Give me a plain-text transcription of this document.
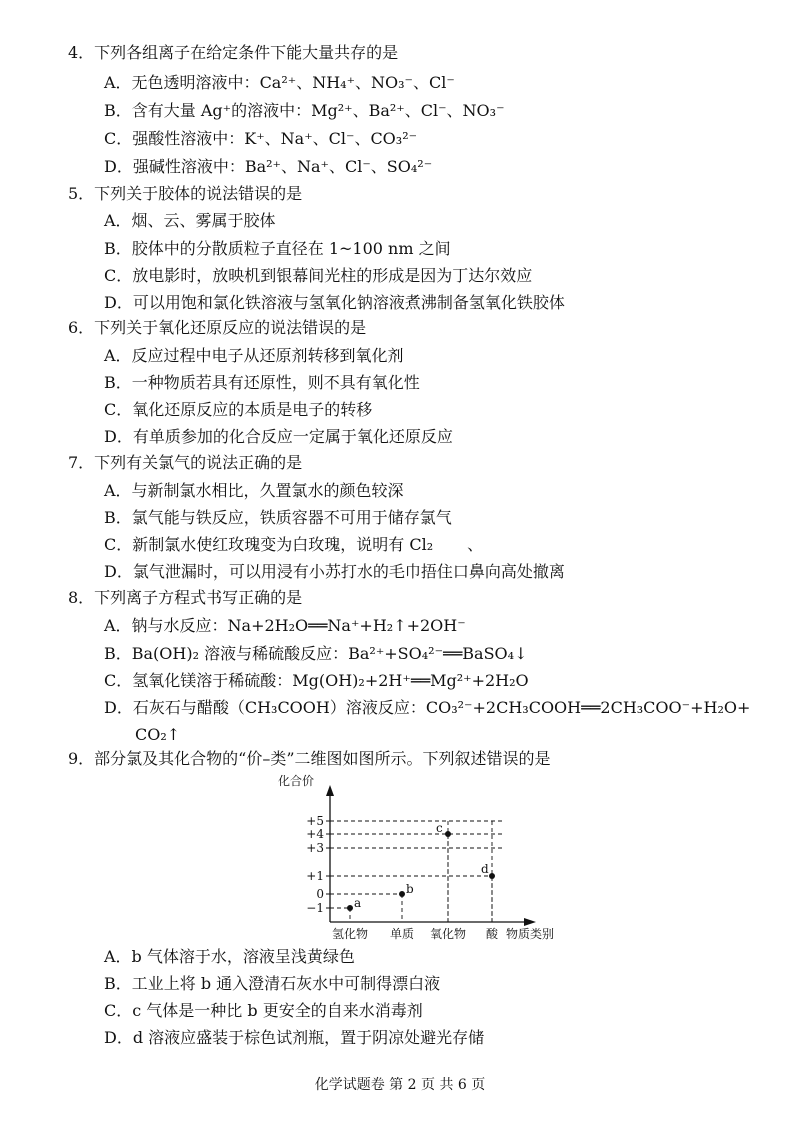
4．下列各组离子在给定条件下能大量共存的是
A．无色透明溶液中：Ca²⁺、NH₄⁺、NO₃⁻、Cl⁻
B．含有大量 Ag⁺的溶液中：Mg²⁺、Ba²⁺、Cl⁻、NO₃⁻
C．强酸性溶液中：K⁺、Na⁺、Cl⁻、CO₃²⁻
D．强碱性溶液中：Ba²⁺、Na⁺、Cl⁻、SO₄²⁻
5．下列关于胶体的说法错误的是
A．烟、云、雾属于胶体
B．胶体中的分散质粒子直径在 1~100 nm 之间
C．放电影时，放映机到银幕间光柱的形成是因为丁达尔效应
D．可以用饱和氯化铁溶液与氢氧化钠溶液煮沸制备氢氧化铁胶体
6．下列关于氧化还原反应的说法错误的是
A．反应过程中电子从还原剂转移到氧化剂
B．一种物质若具有还原性，则不具有氧化性
C．氧化还原反应的本质是电子的转移
D．有单质参加的化合反应一定属于氧化还原反应
7．下列有关氯气的说法正确的是
A．与新制氯水相比，久置氯水的颜色较深
B．氯气能与铁反应，铁质容器不可用于储存氯气
C．新制氯水使红玫瑰变为白玫瑰，说明有 Cl₂ 、
D．氯气泄漏时，可以用浸有小苏打水的毛巾捂住口鼻向高处撤离
8．下列离子方程式书写正确的是
A．钠与水反应：Na+2H₂O══Na⁺+H₂↑+2OH⁻
B．Ba(OH)₂ 溶液与稀硫酸反应：Ba²⁺+SO₄²⁻══BaSO₄↓
C．氢氧化镁溶于稀硫酸：Mg(OH)₂+2H⁺══Mg²⁺+2H₂O
D．石灰石与醋酸（CH₃COOH）溶液反应：CO₃²⁻+2CH₃COOH══2CH₃COO⁻+H₂O+
CO₂↑
9．部分氯及其化合物的“价–类”二维图如图所示。下列叙述错误的是
化合价
物质类别
+5
+4
+3
+1
0
−1
氢化物 单质 氧化物 酸
a
b
c
d
化学试题卷 第 2 页 共 6 页
A．b 气体溶于水，溶液呈浅黄绿色
B．工业上将 b 通入澄清石灰水中可制得漂白液
C．c 气体是一种比 b 更安全的自来水消毒剂
D．d 溶液应盛装于棕色试剂瓶，置于阴凉处避光存储
